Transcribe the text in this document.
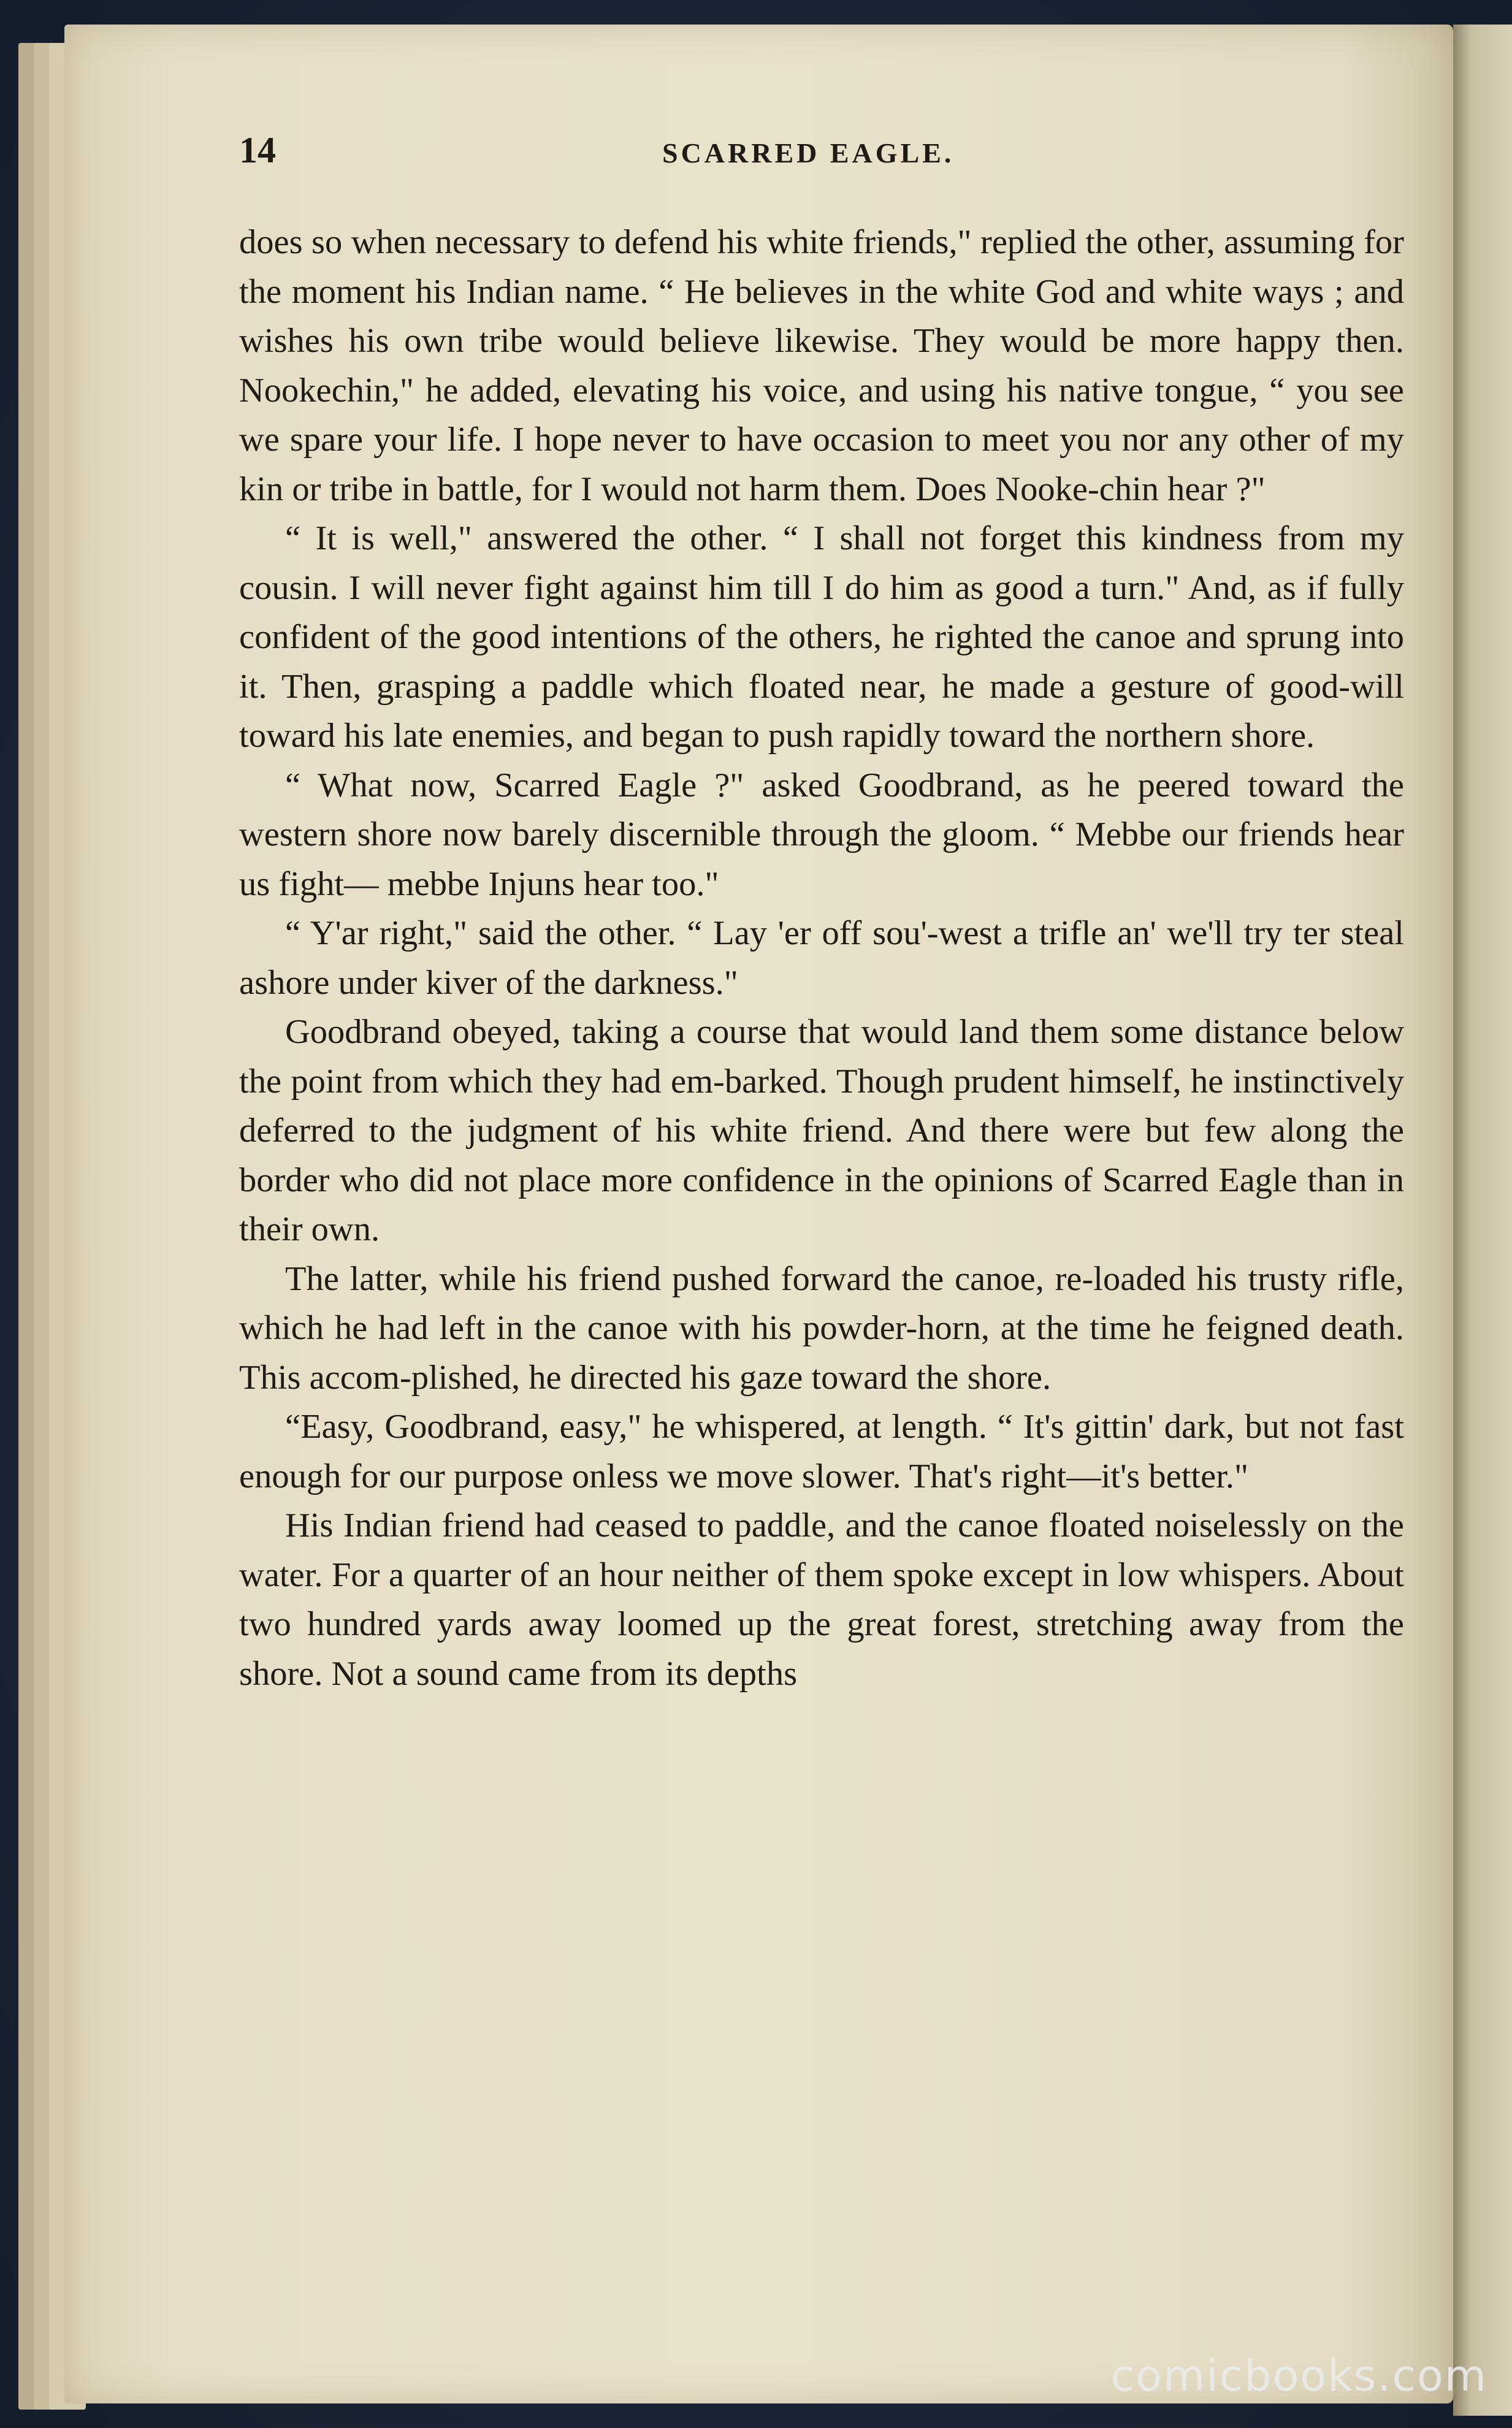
14	SCARRED EAGLE.

does so when necessary to defend his white friends," replied the other, assuming for the moment his Indian name. “ He believes in the white God and white ways ; and wishes his own tribe would believe likewise. They would be more happy then. Nookechin," he added, elevating his voice, and using his native tongue, “ you see we spare your life. I hope never to have occasion to meet you nor any other of my kin or tribe in battle, for I would not harm them. Does Nooke-chin hear ?"

“ It is well," answered the other. “ I shall not forget this kindness from my cousin. I will never fight against him till I do him as good a turn." And, as if fully confident of the good intentions of the others, he righted the canoe and sprung into it. Then, grasping a paddle which floated near, he made a gesture of good-will toward his late enemies, and began to push rapidly toward the northern shore.

“ What now, Scarred Eagle ?" asked Goodbrand, as he peered toward the western shore now barely discernible through the gloom. “ Mebbe our friends hear us fight— mebbe Injuns hear too."

“ Y'ar right," said the other. “ Lay 'er off sou'-west a trifle an' we'll try ter steal ashore under kiver of the darkness."

Goodbrand obeyed, taking a course that would land them some distance below the point from which they had em-barked. Though prudent himself, he instinctively deferred to the judgment of his white friend. And there were but few along the border who did not place more confidence in the opinions of Scarred Eagle than in their own.

The latter, while his friend pushed forward the canoe, re-loaded his trusty rifle, which he had left in the canoe with his powder-horn, at the time he feigned death. This accom-plished, he directed his gaze toward the shore.

“Easy, Goodbrand, easy," he whispered, at length. “ It's gittin' dark, but not fast enough for our purpose onless we move slower. That's right—it's better."

His Indian friend had ceased to paddle, and the canoe floated noiselessly on the water. For a quarter of an hour neither of them spoke except in low whispers. About two hundred yards away loomed up the great forest, stretching away from the shore. Not a sound came from its depths

comicbooks.com
